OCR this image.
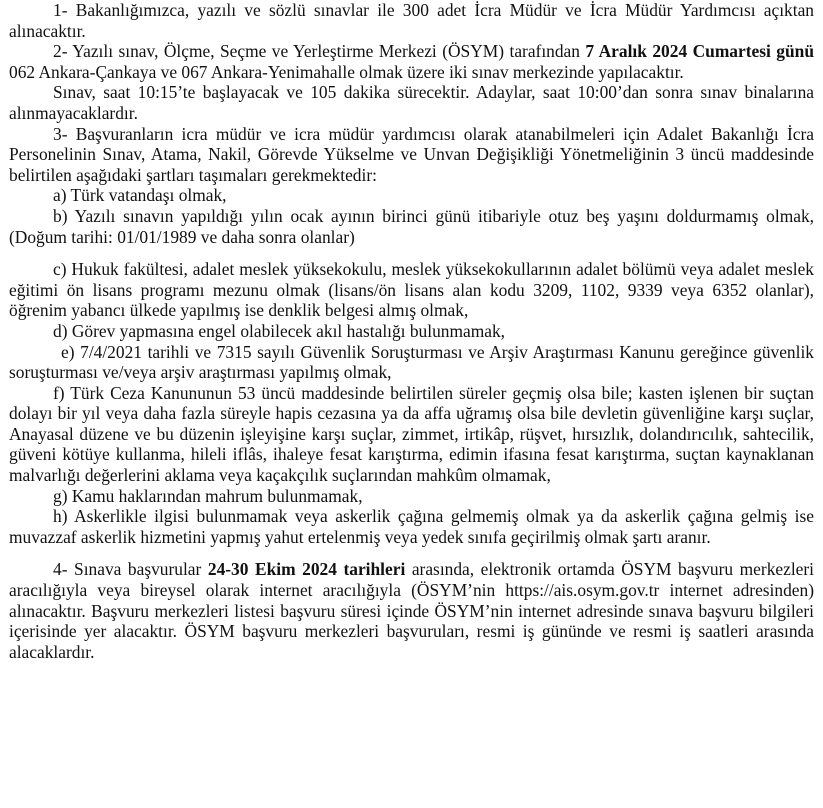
1- Bakanlığımızca, yazılı ve sözlü sınavlar ile 300 adet İcra Müdür ve İcra Müdür Yardımcısı açıktan alınacaktır.

2- Yazılı sınav, Ölçme, Seçme ve Yerleştirme Merkezi (ÖSYM) tarafından 7 Aralık 2024 Cumartesi günü 062 Ankara-Çankaya ve 067 Ankara-Yenimahalle olmak üzere iki sınav merkezinde yapılacaktır.

Sınav, saat 10:15’te başlayacak ve 105 dakika sürecektir. Adaylar, saat 10:00’dan sonra sınav binalarına alınmayacaklardır.

3- Başvuranların icra müdür ve icra müdür yardımcısı olarak atanabilmeleri için Adalet Bakanlığı İcra Personelinin Sınav, Atama, Nakil, Görevde Yükselme ve Unvan Değişikliği Yönetmeliğinin 3 üncü maddesinde belirtilen aşağıdaki şartları taşımaları gerekmektedir:

a) Türk vatandaşı olmak,

b) Yazılı sınavın yapıldığı yılın ocak ayının birinci günü itibariyle otuz beş yaşını doldurmamış olmak, (Doğum tarihi: 01/01/1989 ve daha sonra olanlar)

c) Hukuk fakültesi, adalet meslek yüksekokulu, meslek yüksekokullarının adalet bölümü veya adalet meslek eğitimi ön lisans programı mezunu olmak (lisans/ön lisans alan kodu 3209, 1102, 9339 veya 6352 olanlar), öğrenim yabancı ülkede yapılmış ise denklik belgesi almış olmak,

d) Görev yapmasına engel olabilecek akıl hastalığı bulunmamak,

e) 7/4/2021 tarihli ve 7315 sayılı Güvenlik Soruşturması ve Arşiv Araştırması Kanunu gereğince güvenlik soruşturması ve/veya arşiv araştırması yapılmış olmak,

f) Türk Ceza Kanununun 53 üncü maddesinde belirtilen süreler geçmiş olsa bile; kasten işlenen bir suçtan dolayı bir yıl veya daha fazla süreyle hapis cezasına ya da affa uğramış olsa bile devletin güvenliğine karşı suçlar, Anayasal düzene ve bu düzenin işleyişine karşı suçlar, zimmet, irtikâp, rüşvet, hırsızlık, dolandırıcılık, sahtecilik, güveni kötüye kullanma, hileli iflâs, ihaleye fesat karıştırma, edimin ifasına fesat karıştırma, suçtan kaynaklanan malvarlığı değerlerini aklama veya kaçakçılık suçlarından mahkûm olmamak,

g) Kamu haklarından mahrum bulunmamak,

h) Askerlikle ilgisi bulunmamak veya askerlik çağına gelmemiş olmak ya da askerlik çağına gelmiş ise muvazzaf askerlik hizmetini yapmış yahut ertelenmiş veya yedek sınıfa geçirilmiş olmak şartı aranır.

4- Sınava başvurular 24-30 Ekim 2024 tarihleri arasında, elektronik ortamda ÖSYM başvuru merkezleri aracılığıyla veya bireysel olarak internet aracılığıyla (ÖSYM’nin https://ais.osym.gov.tr internet adresinden) alınacaktır. Başvuru merkezleri listesi başvuru süresi içinde ÖSYM’nin internet adresinde sınava başvuru bilgileri içerisinde yer alacaktır. ÖSYM başvuru merkezleri başvuruları, resmi iş gününde ve resmi iş saatleri arasında alacaklardır.
